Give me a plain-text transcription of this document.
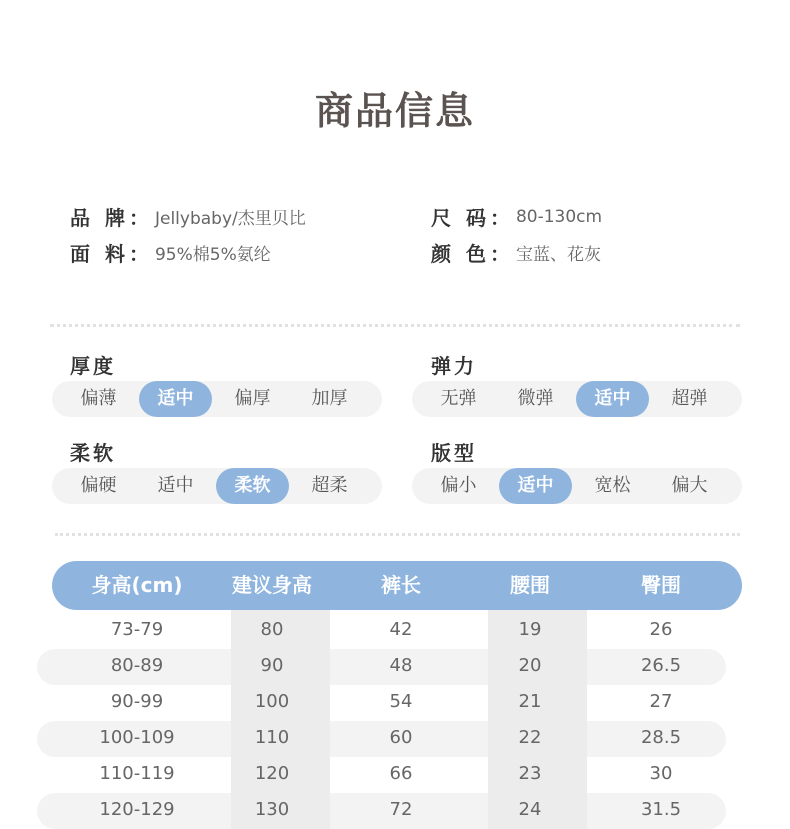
商品信息
品 牌： Jellybaby/杰里贝比	尺 码： 80-130cm
面 料： 95%棉5%氨纶	颜 色： 宝蓝、花灰
厚度
偏薄	适中	偏厚	加厚
弹力
无弹	微弹	适中	超弹
柔软
偏硬	适中	柔软	超柔
版型
偏小	适中	宽松	偏大
身高(cm)	建议身高	裤长	腰围	臀围
73-79	80	42	19	26
80-89	90	48	20	26.5
90-99	100	54	21	27
100-109	110	60	22	28.5
110-119	120	66	23	30
120-129	130	72	24	31.5
